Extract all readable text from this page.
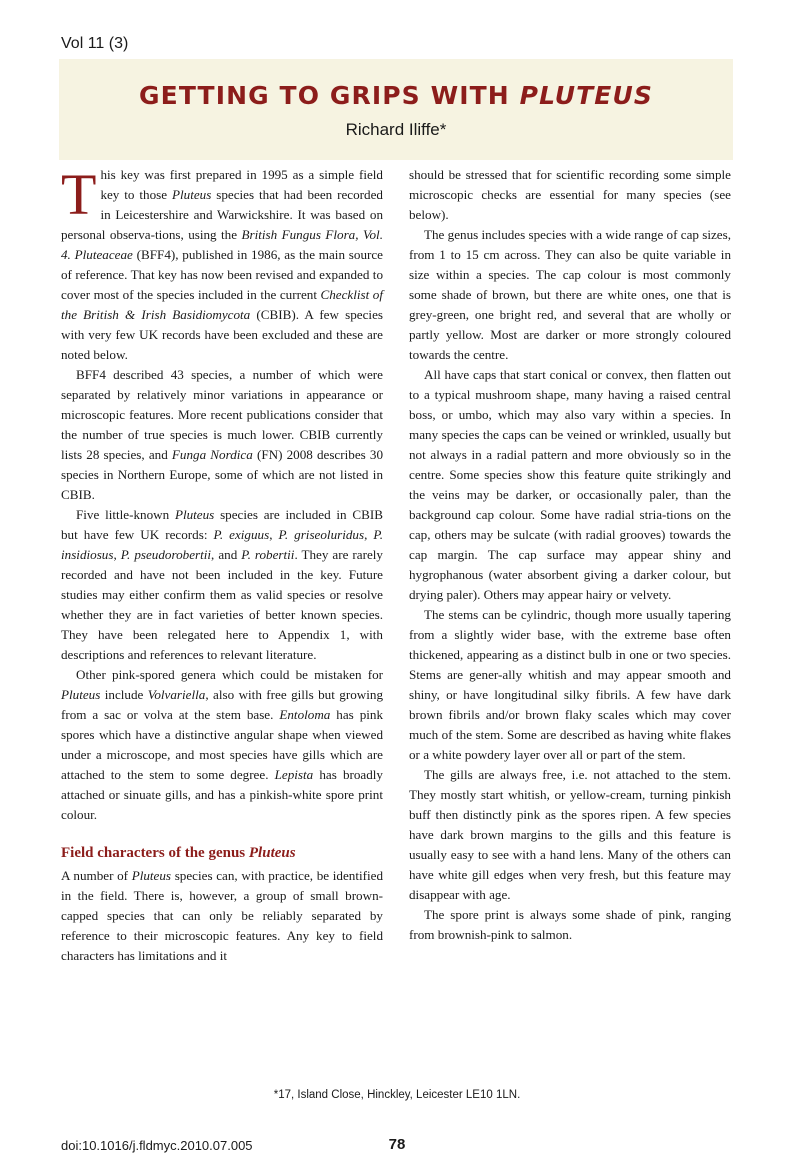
Vol 11 (3)
GETTING TO GRIPS WITH PLUTEUS
Richard Iliffe*

This key was first prepared in 1995 as a simple field key to those Pluteus species that had been recorded in Leicestershire and Warwickshire. It was based on personal observa-tions, using the British Fungus Flora, Vol. 4. Pluteaceae (BFF4), published in 1986, as the main source of reference. That key has now been revised and expanded to cover most of the species included in the current Checklist of the British & Irish Basidiomycota (CBIB). A few species with very few UK records have been excluded and these are noted below.

BFF4 described 43 species, a number of which were separated by relatively minor variations in appearance or microscopic features. More recent publications consider that the number of true species is much lower. CBIB currently lists 28 species, and Funga Nordica (FN) 2008 describes 30 species in Northern Europe, some of which are not listed in CBIB.

Five little-known Pluteus species are included in CBIB but have few UK records: P. exiguus, P. griseoluridus, P. insidiosus, P. pseudorobertii, and P. robertii. They are rarely recorded and have not been included in the key. Future studies may either confirm them as valid species or resolve whether they are in fact varieties of better known species. They have been relegated here to Appendix 1, with descriptions and references to relevant literature.

Other pink-spored genera which could be mistaken for Pluteus include Volvariella, also with free gills but growing from a sac or volva at the stem base. Entoloma has pink spores which have a distinctive angular shape when viewed under a microscope, and most species have gills which are attached to the stem to some degree. Lepista has broadly attached or sinuate gills, and has a pinkish-white spore print colour.

Field characters of the genus Pluteus

A number of Pluteus species can, with practice, be identified in the field. There is, however, a group of small brown-capped species that can only be reliably separated by reference to their microscopic features. Any key to field characters has limitations and it

should be stressed that for scientific recording some simple microscopic checks are essential for many species (see below).

The genus includes species with a wide range of cap sizes, from 1 to 15 cm across. They can also be quite variable in size within a species. The cap colour is most commonly some shade of brown, but there are white ones, one that is grey-green, one bright red, and several that are wholly or partly yellow. Most are darker or more strongly coloured towards the centre.

All have caps that start conical or convex, then flatten out to a typical mushroom shape, many having a raised central boss, or umbo, which may also vary within a species. In many species the caps can be veined or wrinkled, usually but not always in a radial pattern and more obviously so in the centre. Some species show this feature quite strikingly and the veins may be darker, or occasionally paler, than the background cap colour. Some have radial stria-tions on the cap, others may be sulcate (with radial grooves) towards the cap margin. The cap surface may appear shiny and hygrophanous (water absorbent giving a darker colour, but drying paler). Others may appear hairy or velvety.

The stems can be cylindric, though more usually tapering from a slightly wider base, with the extreme base often thickened, appearing as a distinct bulb in one or two species. Stems are gener-ally whitish and may appear smooth and shiny, or have longitudinal silky fibrils. A few have dark brown fibrils and/or brown flaky scales which may cover much of the stem. Some are described as having white flakes or a white powdery layer over all or part of the stem.

The gills are always free, i.e. not attached to the stem. They mostly start whitish, or yellow-cream, turning pinkish buff then distinctly pink as the spores ripen. A few species have dark brown margins to the gills and this feature is usually easy to see with a hand lens. Many of the others can have white gill edges when very fresh, but this feature may disappear with age.

The spore print is always some shade of pink, ranging from brownish-pink to salmon.

*17, Island Close, Hinckley, Leicester LE10 1LN.
doi:10.1016/j.fldmyc.2010.07.005	78
